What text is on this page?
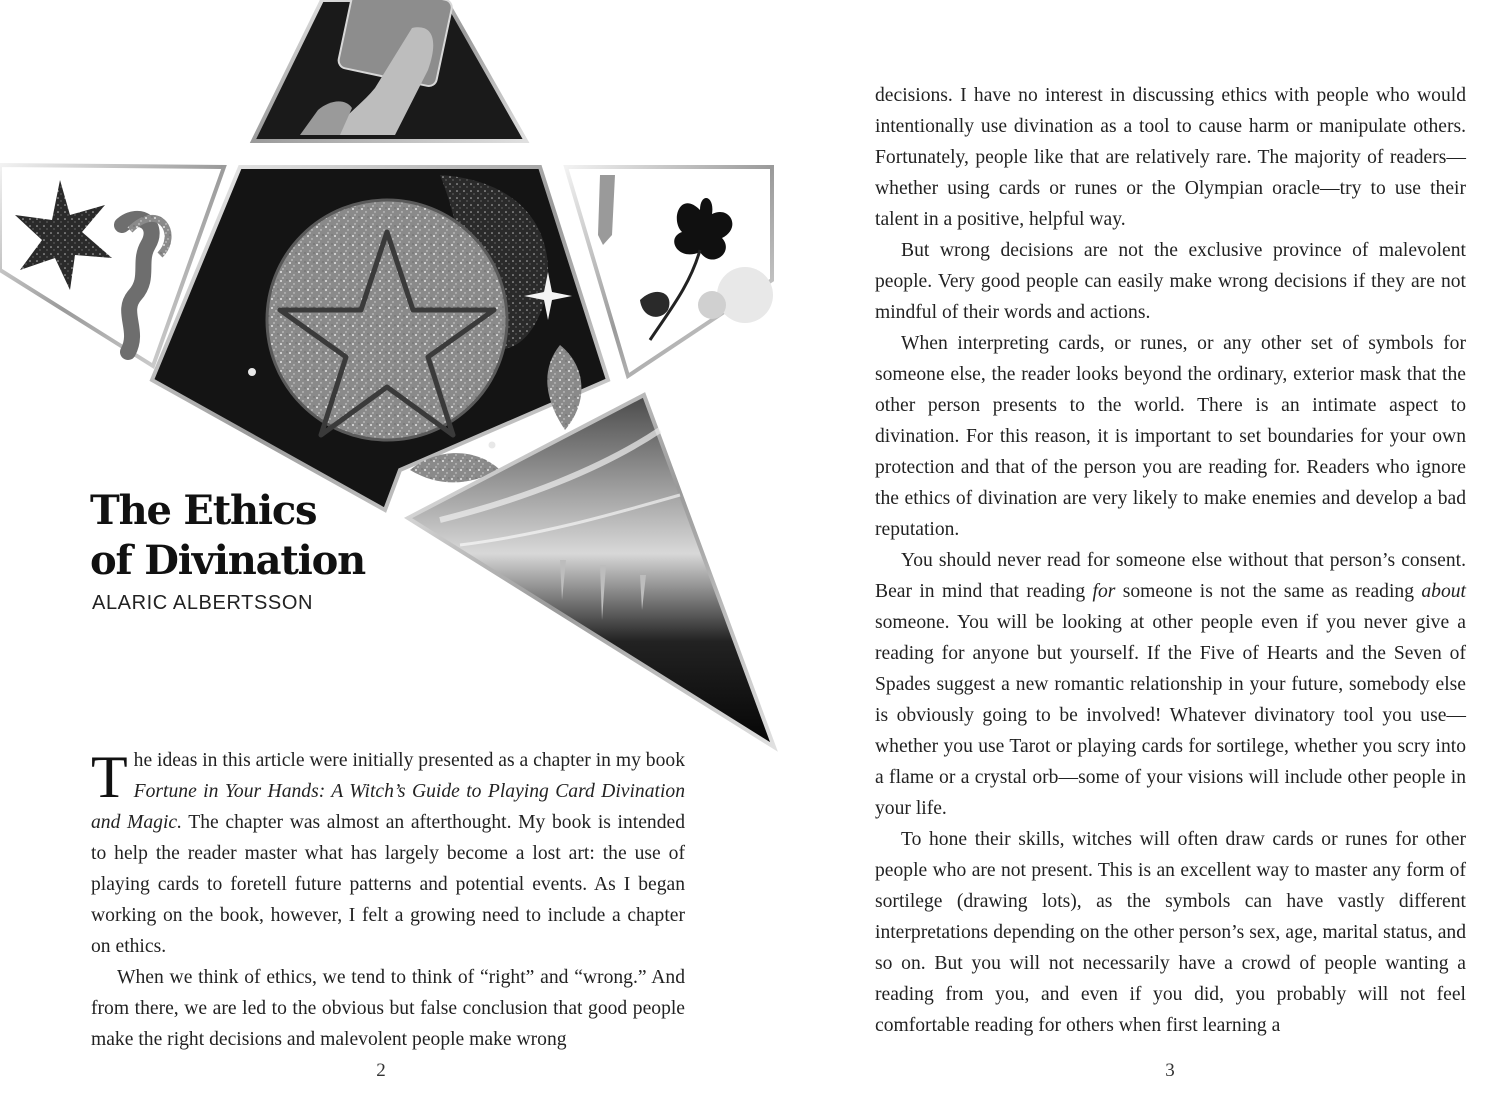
The Ethics
of Divination
ALARIC ALBERTSSON

The ideas in this article were initially presented as a chapter in my book Fortune in Your Hands: A Witch’s Guide to Playing Card Divination and Magic. The chapter was almost an afterthought. My book is intended to help the reader master what has largely become a lost art: the use of playing cards to foretell future patterns and potential events. As I began working on the book, however, I felt a growing need to include a chapter on ethics.

When we think of ethics, we tend to think of “right” and “wrong.” And from there, we are led to the obvious but false conclusion that good people make the right decisions and malevolent people make wrong

2

decisions. I have no interest in discussing ethics with people who would intentionally use divination as a tool to cause harm or manipulate others. Fortunately, people like that are relatively rare. The majority of readers—whether using cards or runes or the Olympian oracle—try to use their talent in a positive, helpful way.

But wrong decisions are not the exclusive province of malevolent people. Very good people can easily make wrong decisions if they are not mindful of their words and actions.

When interpreting cards, or runes, or any other set of symbols for someone else, the reader looks beyond the ordinary, exterior mask that the other person presents to the world. There is an intimate aspect to divination. For this reason, it is important to set boundaries for your own protection and that of the person you are reading for. Readers who ignore the ethics of divination are very likely to make enemies and develop a bad reputation.

You should never read for someone else without that person’s consent. Bear in mind that reading for someone is not the same as reading about someone. You will be looking at other people even if you never give a reading for anyone but yourself. If the Five of Hearts and the Seven of Spades suggest a new romantic relationship in your future, somebody else is obviously going to be involved! Whatever divinatory tool you use—whether you use Tarot or playing cards for sortilege, whether you scry into a flame or a crystal orb—some of your visions will include other people in your life.

To hone their skills, witches will often draw cards or runes for other people who are not present. This is an excellent way to master any form of sortilege (drawing lots), as the symbols can have vastly different interpretations depending on the other person’s sex, age, marital status, and so on. But you will not necessarily have a crowd of people wanting a reading from you, and even if you did, you probably will not feel comfortable reading for others when first learning a

3
